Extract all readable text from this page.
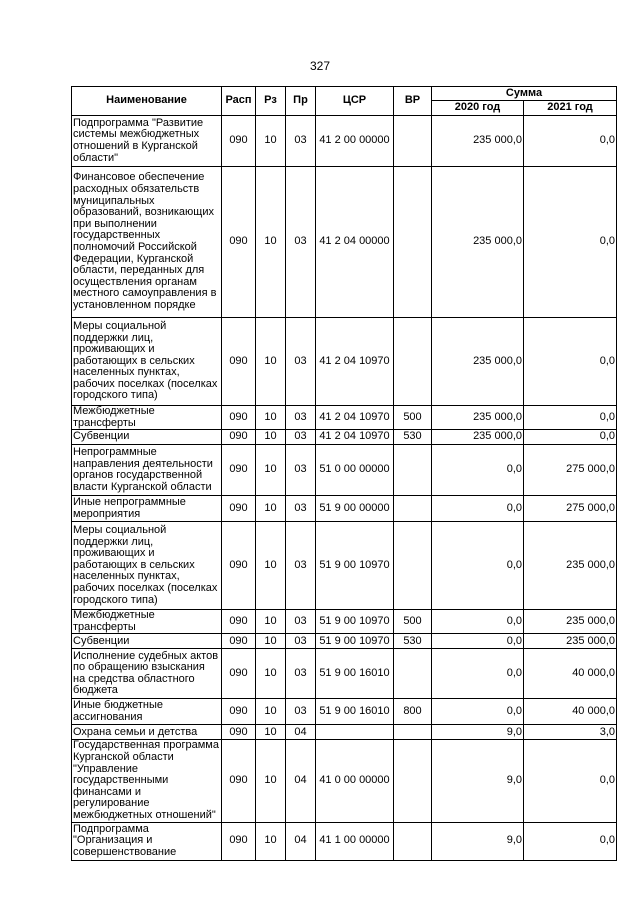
327
Наименование	Расп	Рз	Пр	ЦСР	ВР	Сумма	
						2020 год	2021 год
Подпрограмма "Развитие системы межбюджетных отношений в Курганской области"	090	10	03	41 2 00 00000		235 000,0	0,0
Финансовое обеспечение расходных обязательств муниципальных образований, возникающих при выполнении государственных полномочий Российской Федерации, Курганской области, переданных для осуществления органам местного самоуправления в установленном порядке	090	10	03	41 2 04 00000		235 000,0	0,0
Меры социальной поддержки лиц, проживающих и работающих в сельских населенных пунктах, рабочих поселках (поселках городского типа)	090	10	03	41 2 04 10970		235 000,0	0,0
Межбюджетные трансферты	090	10	03	41 2 04 10970	500	235 000,0	0,0
Субвенции	090	10	03	41 2 04 10970	530	235 000,0	0,0
Непрограммные направления деятельности органов государственной власти Курганской области	090	10	03	51 0 00 00000		0,0	275 000,0
Иные непрограммные мероприятия	090	10	03	51 9 00 00000		0,0	275 000,0
Меры социальной поддержки лиц, проживающих и работающих в сельских населенных пунктах, рабочих поселках (поселках городского типа)	090	10	03	51 9 00 10970		0,0	235 000,0
Межбюджетные трансферты	090	10	03	51 9 00 10970	500	0,0	235 000,0
Субвенции	090	10	03	51 9 00 10970	530	0,0	235 000,0
Исполнение судебных актов по обращению взыскания на средства областного бюджета	090	10	03	51 9 00 16010		0,0	40 000,0
Иные бюджетные ассигнования	090	10	03	51 9 00 16010	800	0,0	40 000,0
Охрана семьи и детства	090	10	04			9,0	3,0
Государственная программа Курганской области "Управление государственными финансами и регулирование межбюджетных отношений"	090	10	04	41 0 00 00000		9,0	0,0
Подпрограмма "Организация и совершенствование	090	10	04	41 1 00 00000		9,0	0,0
